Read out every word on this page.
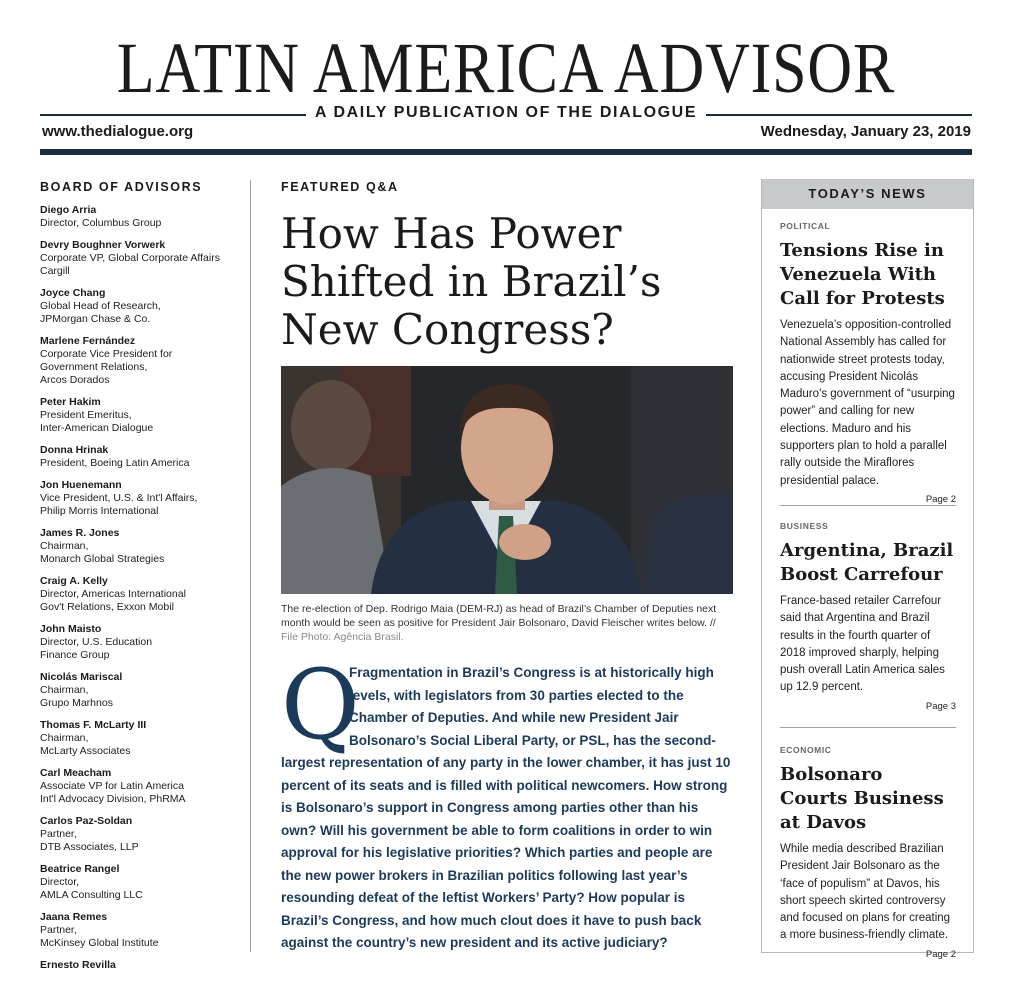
LATIN AMERICA ADVISOR
A DAILY PUBLICATION OF THE DIALOGUE
www.thedialogue.org	Wednesday, January 23, 2019
BOARD OF ADVISORS
Diego Arria
Director, Columbus Group
Devry Boughner Vorwerk
Corporate VP, Global Corporate Affairs
Cargill
Joyce Chang
Global Head of Research,
JPMorgan Chase & Co.
Marlene Fernández
Corporate Vice President for
Government Relations,
Arcos Dorados
Peter Hakim
President Emeritus,
Inter-American Dialogue
Donna Hrinak
President, Boeing Latin America
Jon Huenemann
Vice President, U.S. & Int'l Affairs,
Philip Morris International
James R. Jones
Chairman,
Monarch Global Strategies
Craig A. Kelly
Director, Americas International
Gov't Relations, Exxon Mobil
John Maisto
Director, U.S. Education
Finance Group
Nicolás Mariscal
Chairman,
Grupo Marhnos
Thomas F. McLarty III
Chairman,
McLarty Associates
Carl Meacham
Associate VP for Latin America
Int'l Advocacy Division, PhRMA
Carlos Paz-Soldan
Partner,
DTB Associates, LLP
Beatrice Rangel
Director,
AMLA Consulting LLC
Jaana Remes
Partner,
McKinsey Global Institute
Ernesto Revilla
FEATURED Q&A
How Has Power Shifted in Brazil’s New Congress?
The re-election of Dep. Rodrigo Maia (DEM-RJ) as head of Brazil’s Chamber of Deputies next month would be seen as positive for President Jair Bolsonaro, David Fleischer writes below. // File Photo: Agência Brasil.
Q
Fragmentation in Brazil’s Congress is at historically high levels, with legislators from 30 parties elected to the Chamber of Deputies. And while new President Jair Bolsonaro’s Social Liberal Party, or PSL, has the second-largest representation of any party in the lower chamber, it has just 10 percent of its seats and is filled with political newcomers. How strong is Bolsonaro’s support in Congress among parties other than his own? Will his government be able to form coalitions in order to win approval for his legislative priorities? Which parties and people are the new power brokers in Brazilian politics following last year’s resounding defeat of the leftist Workers’ Party? How popular is Brazil’s Congress, and how much clout does it have to push back against the country’s new president and its active judiciary?
TODAY’S NEWS
POLITICAL
Tensions Rise in Venezuela With Call for Protests
Venezuela’s opposition-controlled National Assembly has called for nationwide street protests today, accusing President Nicolás Maduro’s government of “usurping power” and calling for new elections. Maduro and his supporters plan to hold a parallel rally outside the Miraflores presidential palace.
Page 2
BUSINESS
Argentina, Brazil Boost Carrefour
France-based retailer Carrefour said that Argentina and Brazil results in the fourth quarter of 2018 improved sharply, helping push overall Latin America sales up 12.9 percent.
Page 3
ECONOMIC
Bolsonaro Courts Business at Davos
While media described Brazilian President Jair Bolsonaro as the ‘face of populism” at Davos, his short speech skirted controversy and focused on plans for creating a more business-friendly climate.
Page 2
